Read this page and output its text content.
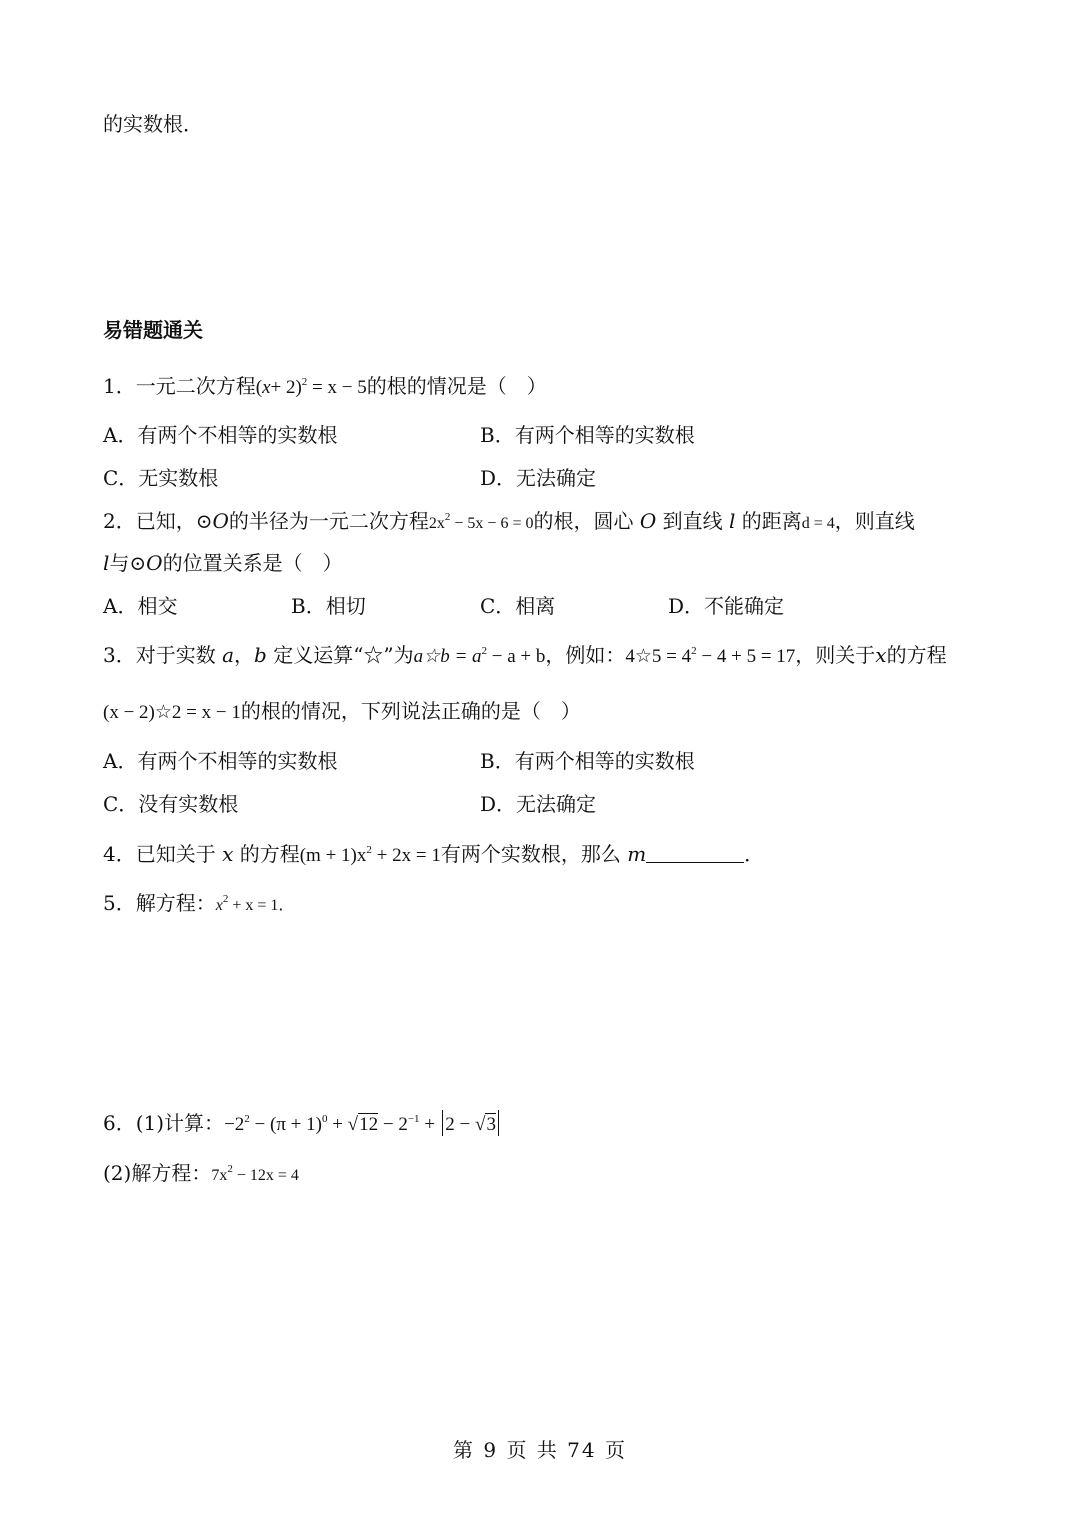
的实数根．
易错题通关
1．一元二次方程$(x+ 2)^2 = x - 5$的根的情况是（　）
A．有两个不相等的实数根	B．有两个相等的实数根
C．无实数根	D．无法确定
2．已知，⊙O的半径为一元二次方程$2x^2 - 5x - 6 = 0$的根，圆心 O 到直线 l 的距离d = 4，则直线
l与⊙O的位置关系是（　）
A．相交	B．相切	C．相离	D．不能确定
3．对于实数 a，b 定义运算“☆”为a☆b = $a^2 - a + b$，例如：4☆5 = $4^2 - 4 + 5 = 17$，则关于x的方程
(x − 2)☆2 = x − 1的根的情况，下列说法正确的是（　）
A．有两个不相等的实数根	B．有两个相等的实数根
C．没有实数根	D．无法确定
4．已知关于 x 的方程$(m + 1)x^2 + 2x = 1$有两个实数根，那么 m	．
5．解方程：$x^2 + x = 1$．
6．(1)计算：$-2^2 - (\pi + 1)^0 + √12 - 2^{-1} + 2 - √3$
(2)解方程：$7x^2 - 12x = 4$
第 9 页 共 74 页
